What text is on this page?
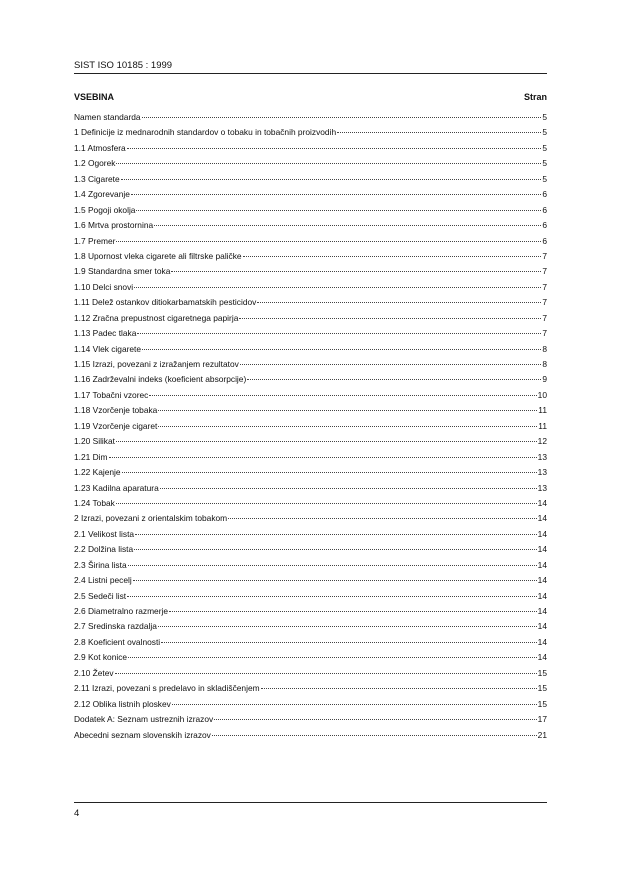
SIST ISO 10185 : 1999
VSEBINA	Stran
Namen standarda	5
1 Definicije iz mednarodnih standardov o tobaku in tobačnih proizvodih	5
1.1 Atmosfera	5
1.2 Ogorek	5
1.3 Cigarete	5
1.4 Zgorevanje	6
1.5 Pogoji okolja	6
1.6 Mrtva prostornina	6
1.7 Premer	6
1.8 Upornost vleka cigarete ali filtrske paličke	7
1.9 Standardna smer toka	7
1.10 Delci snovi	7
1.11 Delež ostankov ditiokarbamatskih pesticidov	7
1.12 Zračna prepustnost cigaretnega papirja	7
1.13 Padec tlaka	7
1.14 Vlek cigarete	8
1.15 Izrazi, povezani z izražanjem rezultatov	8
1.16 Zadrževalni indeks (koeficient absorpcije)	9
1.17 Tobačni vzorec	10
1.18 Vzorčenje tobaka	11
1.19 Vzorčenje cigaret	11
1.20 Silikat	12
1.21 Dim	13
1.22 Kajenje	13
1.23 Kadilna aparatura	13
1.24 Tobak	14
2 Izrazi, povezani z orientalskim tobakom	14
2.1 Velikost lista	14
2.2 Dolžina lista	14
2.3 Širina lista	14
2.4 Listni pecelj	14
2.5 Sedeči list	14
2.6 Diametralno razmerje	14
2.7 Sredinska razdalja	14
2.8 Koeficient ovalnosti	14
2.9 Kot konice	14
2.10 Žetev	15
2.11 Izrazi, povezani s predelavo in skladiščenjem	15
2.12 Oblika listnih ploskev	15
Dodatek A: Seznam ustreznih izrazov	17
Abecedni seznam slovenskih izrazov	21
4
